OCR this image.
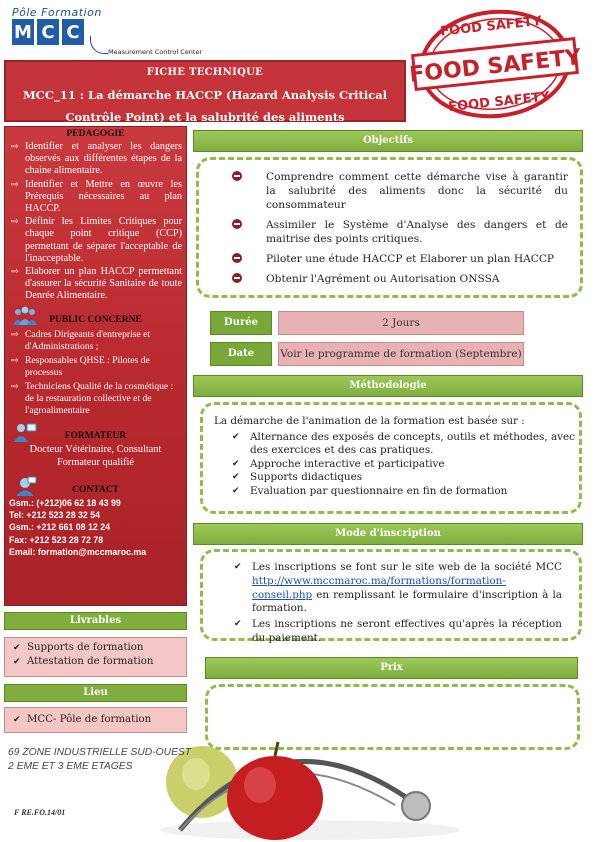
Pôle Formation
M C C
Measurement Control Center
FOOD SAFETY
FOOD SAFETY
FOOD SAFETY
FICHE TECHNIQUE
MCC_11 : La démarche HACCP (Hazard Analysis Critical Contrôle Point) et la salubrité des aliments
PEDAGOGIE
⇨ Identifier et analyser les dangers observés aux différentes étapes de la chaine alimentaire.
⇨ Identifier et Mettre en œuvre les Prérequis nécessaires au plan HACCP.
⇨ Définir les Limites Critiques pour chaque point critique (CCP) permettant de séparer l'acceptable de l'inacceptable.
⇨ Elaborer un plan HACCP permettant d'assurer la sécurité Sanitaire de toute Denrée Alimentaire.
PUBLIC CONCERNE
⇨ Cadres Dirigeants d'entreprise et d'Administrations ;
⇨ Responsables QHSE : Pilotes de processus
⇨ Techniciens Qualité de la cosmétique : de la restauration collective et de l'agroalimentaire
FORMATEUR
Docteur Vétérinaire, Consultant Formateur qualifié
CONTACT
Gsm.: (+212)06 62 18 43 99
Tel: +212 523 28 32 54
Gsm.: +212 661 08 12 24
Fax: +212 523 28 72 78
Email: formation@mccmaroc.ma
Livrables
✔ Supports de formation
✔ Attestation de formation
Lieu
✔ MCC- Pôle de formation
69 ZONE INDUSTRIELLE SUD-OUEST 2 EME ET 3 EME ETAGES
F RE.FO.14/01
Objectifs
Comprendre comment cette démarche vise à garantir la salubrité des aliments donc la sécurité du consommateur
Assimiler le Système d'Analyse des dangers et de maitrise des points critiques.
Piloter une étude HACCP et Elaborer un plan HACCP
Obtenir l'Agrément ou Autorisation ONSSA
Durée	2 Jours
Date	Voir le programme de formation (Septembre)
Méthodologie
La démarche de l'animation de la formation est basée sur :
✔ Alternance des exposés de concepts, outils et méthodes, avec des exercices et des cas pratiques.
✔ Approche interactive et participative
✔ Supports didactiques
✔ Evaluation par questionnaire en fin de formation
Mode d'inscription
✔ Les inscriptions se font sur le site web de la société MCC http://www.mccmaroc.ma/formations/formation-conseil.php en remplissant le formulaire d'inscription à la formation.
✔ Les inscriptions ne seront effectives qu'après la réception du paiement.
Prix
